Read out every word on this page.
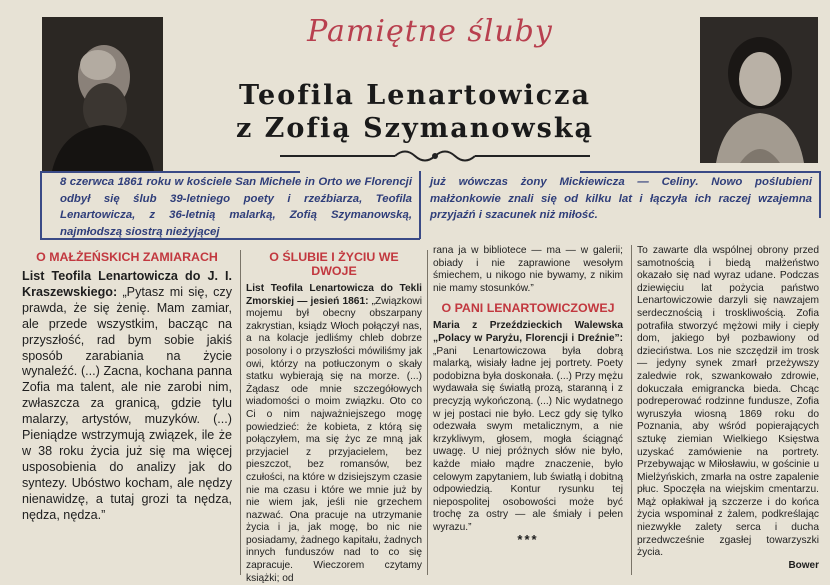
Pamiętne śluby
Teofila Lenartowicza
z Zofią Szymanowską
8 czerwca 1861 roku w kościele San Michele in Orto we Florencji odbył się ślub 39-letniego poety i rzeźbiarza, Teofila Lenartowicza, z 36-letnią malarką, Zofią Szymanowską, najmłodszą siostrą nieżyjącej
już wówczas żony Mickiewicza — Celiny. Nowo poślubieni małżonkowie znali się od kilku lat i łączyła ich raczej wzajemna przyjaźń i szacunek niż miłość.
O MAŁŻEŃSKICH ZAMIARACH

List Teofila Lenartowicza do J. I. Kraszewskiego: „Pytasz mi się, czy prawda, że się żenię. Mam zamiar, ale przede wszystkim, bacząc na przyszłość, rad bym sobie jakiś sposób zarabiania na życie wynaleźć. (...) Zacna, kochana panna Zofia ma talent, ale nie zarobi nim, zwłaszcza za granicą, gdzie tylu malarzy, artystów, muzyków. (...) Pieniądze wstrzymują związek, ile że w 38 roku życia już się ma więcej usposobienia do analizy jak do syntezy. Ubóstwo kocham, ale nędzy nienawidzę, a tutaj grozi ta nędza, nędza, nędza.”

O ŚLUBIE I ŻYCIU WE DWOJE

List Teofila Lenartowicza do Tekli Zmorskiej — jesień 1861: „Związkowi mojemu był obecny obszarpany zakrystian, ksiądz Włoch połączył nas, a na kolacje jedliśmy chleb dobrze posolony i o przyszłości mówiliśmy jak owi, którzy na potłuczonym o skały statku wybierają się na morze. (...) Żądasz ode mnie szczegółowych wiadomości o moim związku. Oto co Ci o nim najważniejszego mogę powiedzieć: że kobieta, z którą się połączyłem, ma się życ ze mną jak przyjaciel z przyjacielem, bez pieszczot, bez romansów, bez czułości, na które w dzisiejszym czasie nie ma czasu i które we mnie już by nie wiem jak, jeśli nie grzechem nazwać. Ona pracuje na utrzymanie życia i ja, jak mogę, bo nic nie posiadamy, żadnego kapitału, żadnych innych funduszów nad to co się zapracuje. Wieczorem czytamy książki; od

rana ja w bibliotece — ma — w galerii; obiady i nie zaprawione wesołym śmiechem, u nikogo nie bywamy, z nikim nie mamy stosunków.”

O PANI LENARTOWICZOWEJ

Maria z Przeździeckich Walewska „Polacy w Paryżu, Florencji i Dreźnie”: „Pani Lenartowiczowa była dobrą malarką, wisiały ładne jej portrety. Poety podobizna była doskonała. (...) Przy mężu wydawała się światłą prozą, staranną i z precyzją wykończoną. (...) Nic wydatnego w jej postaci nie było. Lecz gdy się tylko odezwała swym metalicznym, a nie krzykliwym, głosem, mogła ściągnąć uwagę. U niej próżnych słów nie było, każde miało mądre znaczenie, było celowym zapytaniem, lub światłą i dobitną odpowiedzią. Kontur rysunku tej niepospolitej osobowości może być trochę za ostry — ale śmiały i pełen wyrazu.”

***

To zawarte dla wspólnej obrony przed samotnością i biedą małżeństwo okazało się nad wyraz udane. Podczas dziewięciu lat pożycia państwo Lenartowiczowie darzyli się nawzajem serdecznością i troskliwością. Zofia potrafiła stworzyć mężowi miły i ciepły dom, jakiego był pozbawiony od dzieciństwa. Los nie szczędził im trosk — jedyny synek zmarł przeżywszy zaledwie rok, szwankowało zdrowie, dokuczała emigrancka bieda. Chcąc podreperować rodzinne fundusze, Zofia wyruszyła wiosną 1869 roku do Poznania, aby wśród popierających sztukę ziemian Wielkiego Księstwa uzyskać zamówienie na portrety. Przebywając w Miłosławiu, w gościnie u Mielżyńskich, zmarła na ostre zapalenie płuc. Spoczęła na wiejskim cmentarzu. Mąż opłakiwał ją szczerze i do końca życia wspominał z żalem, podkreślając niezwykłe zalety serca i ducha przedwcześnie zgasłej towarzyszki życia.

Bower
